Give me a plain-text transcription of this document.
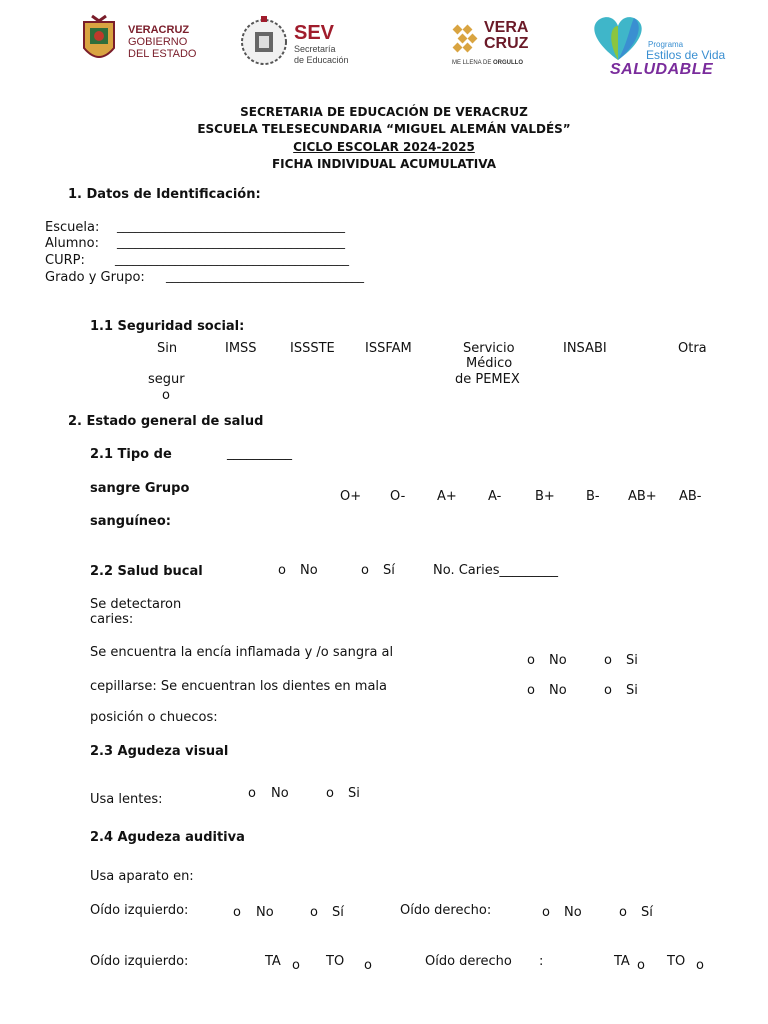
VERACRUZ
GOBIERNO
DEL ESTADO
SEV
Secretaría
de Educación
VERA
CRUZ
ME LLENA DE ORGULLO
Programa
Estilos de Vida
SALUDABLE
SECRETARIA DE EDUCACIÓN DE VERACRUZ
ESCUELA TELESECUNDARIA “MIGUEL ALEMÁN VALDÉS”
CICLO ESCOLAR 2024-2025
FICHA INDIVIDUAL ACUMULATIVA
1. Datos de Identificación:
Escuela: ______________________________________
Alumno: ______________________________________
CURP:	_______________________________________
Grado y Grupo: _________________________________
1.1 Seguridad social:
Sin
segur
o
IMSS	ISSSTE ISSFAM	Servicio
Médico
de PEMEX
INSABI	Otra
2. Estado general de salud
2.1 Tipo de	__________
sangre Grupo
sanguíneo:
O+ O- A+ A-	B+ B- AB+ AB-
2.2 Salud bucal	o No	o Sí	No. Caries_________
Se detectaron
caries:
Se encuentra la encía inflamada y /o sangra al
o No	o Si
cepillarse: Se encuentran los dientes en mala	o No	o Si
posición o chuecos:
2.3 Agudeza visual
Usa lentes:	o No	o Si
2.4 Agudeza auditiva
Usa aparato en:
Oído izquierdo:	o No	o Sí	Oído derecho:	o No	o Sí
Oído izquierdo:	TA o TO o	Oído derecho :	TA o TO o
